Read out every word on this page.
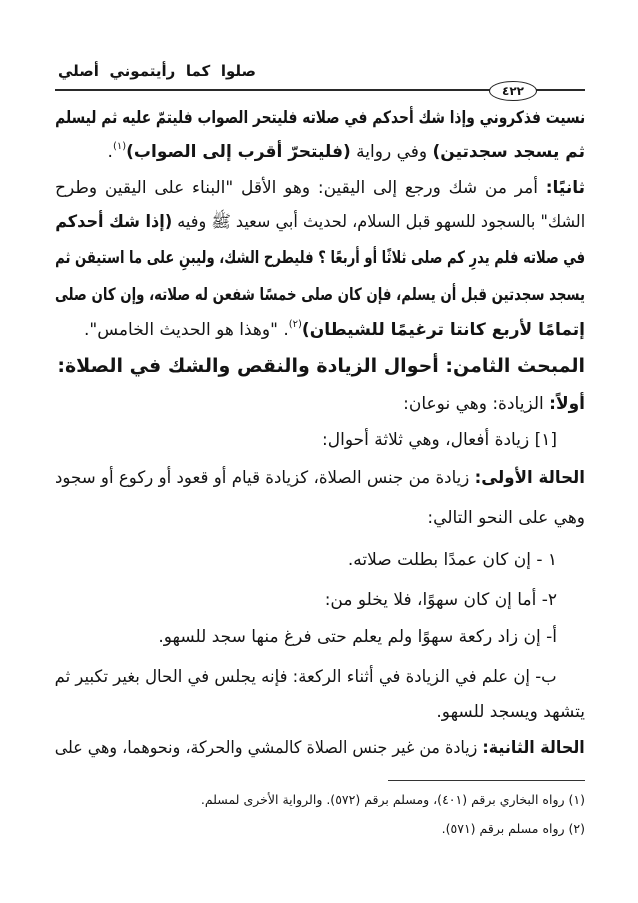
صلوا كما رأيتموني أصلي
٤٢٢
نسيت فذكروني وإذا شك أحدكم في صلاته فليتحر الصواب فليتمّ عليه ثم ليسلم
ثم يسجد سجدتين) وفي رواية (فليتحرّ أقرب إلى الصواب)$^{(١)}$.
ثانيًا: أمر من شك ورجع إلى اليقين: وهو الأقل "البناء على اليقين وطرح
الشك" بالسجود للسهو قبل السلام، لحديث أبي سعيد ﷺ وفيه (إذا شك أحدكم
في صلاته فلم يدرِ كم صلى ثلاثًا أو أربعًا ؟ فليطرح الشك، وليبنِ على ما استيقن ثم
يسجد سجدتين قبل أن يسلم، فإن كان صلى خمسًا شفعن له صلاته، وإن كان صلى
إتمامًا لأربع كانتا ترغيمًا للشيطان)$^{(٢)}$. "وهذا هو الحديث الخامس".
المبحث الثامن: أحوال الزيادة والنقص والشك في الصلاة:
أولاً: الزيادة: وهي نوعان:
[١] زيادة أفعال، وهي ثلاثة أحوال:
الحالة الأولى: زيادة من جنس الصلاة، كزيادة قيام أو قعود أو ركوع أو سجود
وهي على النحو التالي:
١ - إن كان عمدًا بطلت صلاته.
٢- أما إن كان سهوًا، فلا يخلو من:
أ- إن زاد ركعة سهوًا ولم يعلم حتى فرغ منها سجد للسهو.
ب- إن علم في الزيادة في أثناء الركعة: فإنه يجلس في الحال بغير تكبير ثم
يتشهد ويسجد للسهو.
الحالة الثانية: زيادة من غير جنس الصلاة كالمشي والحركة، ونحوهما، وهي على
(١) رواه البخاري برقم (٤٠١)، ومسلم برقم (٥٧٢). والرواية الأخرى لمسلم.
(٢) رواه مسلم برقم (٥٧١).
